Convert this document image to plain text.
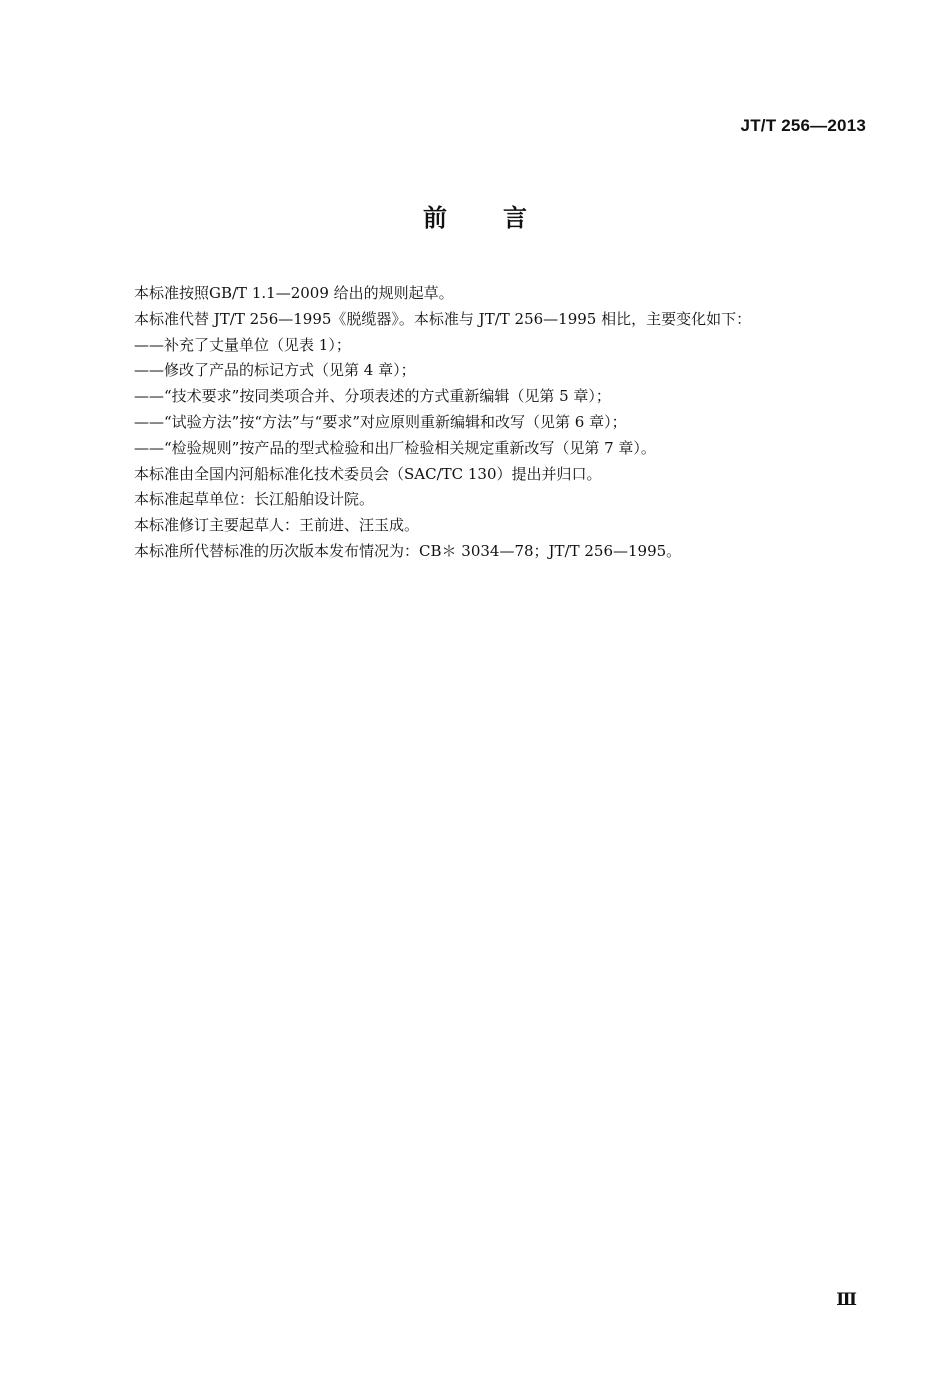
JT/T 256—2013
前言

本标准按照GB/T 1.1—2009 给出的规则起草。

本标准代替 JT/T 256—1995《脱缆器》。本标准与 JT/T 256—1995 相比，主要变化如下：

——补充了丈量单位（见表 1）；

——修改了产品的标记方式（见第 4 章）；

——“技术要求”按同类项合并、分项表述的方式重新编辑（见第 5 章）；

——“试验方法”按“方法”与“要求”对应原则重新编辑和改写（见第 6 章）；

——“检验规则”按产品的型式检验和出厂检验相关规定重新改写（见第 7 章）。

本标准由全国内河船标准化技术委员会（SAC/TC 130）提出并归口。

本标准起草单位：长江船舶设计院。

本标准修订主要起草人：王前进、汪玉成。

本标准所代替标准的历次版本发布情况为：CB＊ 3034—78；JT/T 256—1995。

Ⅲ
